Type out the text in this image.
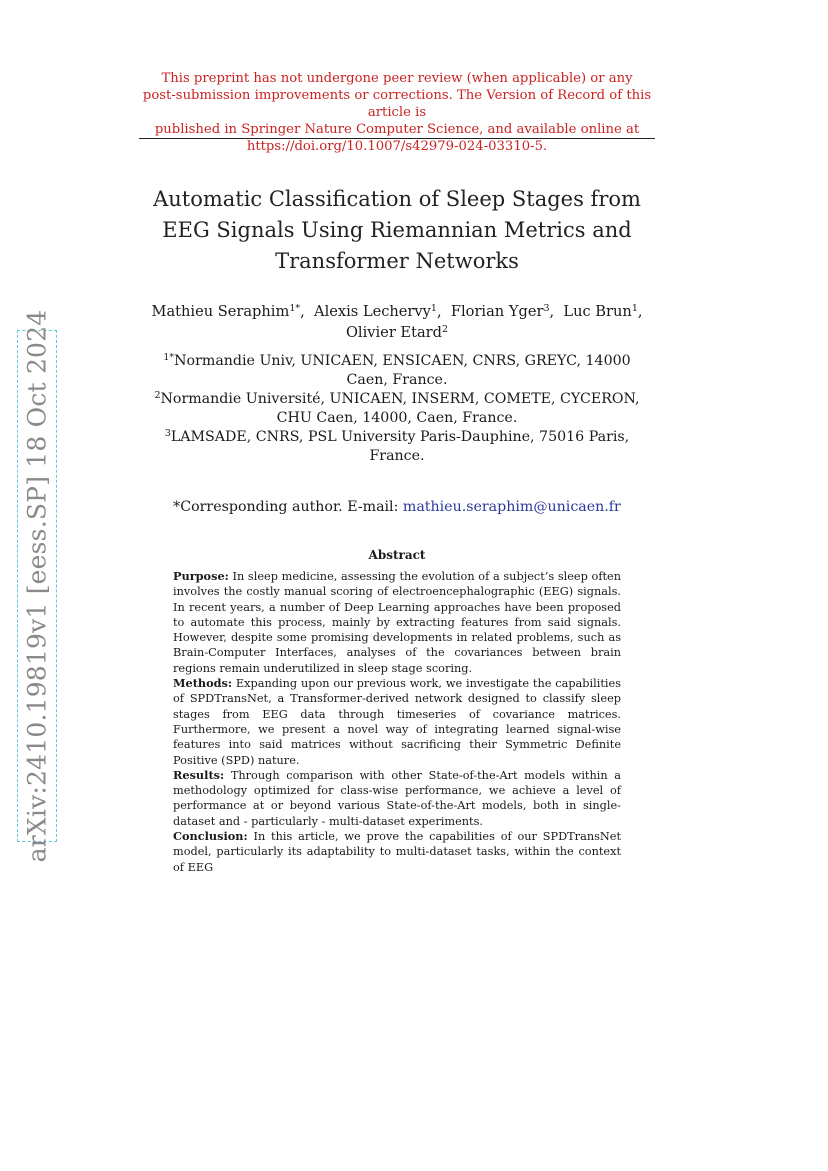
This preprint has not undergone peer review (when applicable) or any
post-submission improvements or corrections. The Version of Record of this article is
published in Springer Nature Computer Science, and available online at
https://doi.org/10.1007/s42979-024-03310-5.
Automatic Classification of Sleep Stages from
EEG Signals Using Riemannian Metrics and
Transformer Networks
Mathieu Seraphim$^{1*}$,  Alexis Lechervy$^1$,  Florian Yger$^3$,  Luc Brun$^1$,
Olivier Etard$^2$
$^{1*}$Normandie Univ, UNICAEN, ENSICAEN, CNRS, GREYC, 14000
Caen, France.
$^2$Normandie Université, UNICAEN, INSERM, COMETE, CYCERON,
CHU Caen, 14000, Caen, France.
$^3$LAMSADE, CNRS, PSL University Paris-Dauphine, 75016 Paris,
France.
*Corresponding author. E-mail: mathieu.seraphim@unicaen.fr
Abstract

Purpose: In sleep medicine, assessing the evolution of a subject’s sleep often involves the costly manual scoring of electroencephalographic (EEG) signals. In recent years, a number of Deep Learning approaches have been proposed to automate this process, mainly by extracting features from said signals. However, despite some promising developments in related problems, such as Brain-Computer Interfaces, analyses of the covariances between brain regions remain underutilized in sleep stage scoring.

Methods: Expanding upon our previous work, we investigate the capabilities of SPDTransNet, a Transformer-derived network designed to classify sleep stages from EEG data through timeseries of covariance matrices. Furthermore, we present a novel way of integrating learned signal-wise features into said matrices without sacrificing their Symmetric Definite Positive (SPD) nature.

Results: Through comparison with other State-of-the-Art models within a methodology optimized for class-wise performance, we achieve a level of performance at or beyond various State-of-the-Art models, both in single-dataset and - particularly - multi-dataset experiments.

Conclusion: In this article, we prove the capabilities of our SPDTransNet model, particularly its adaptability to multi-dataset tasks, within the context of EEG

arXiv:2410.19819v1 [eess.SP] 18 Oct 2024
